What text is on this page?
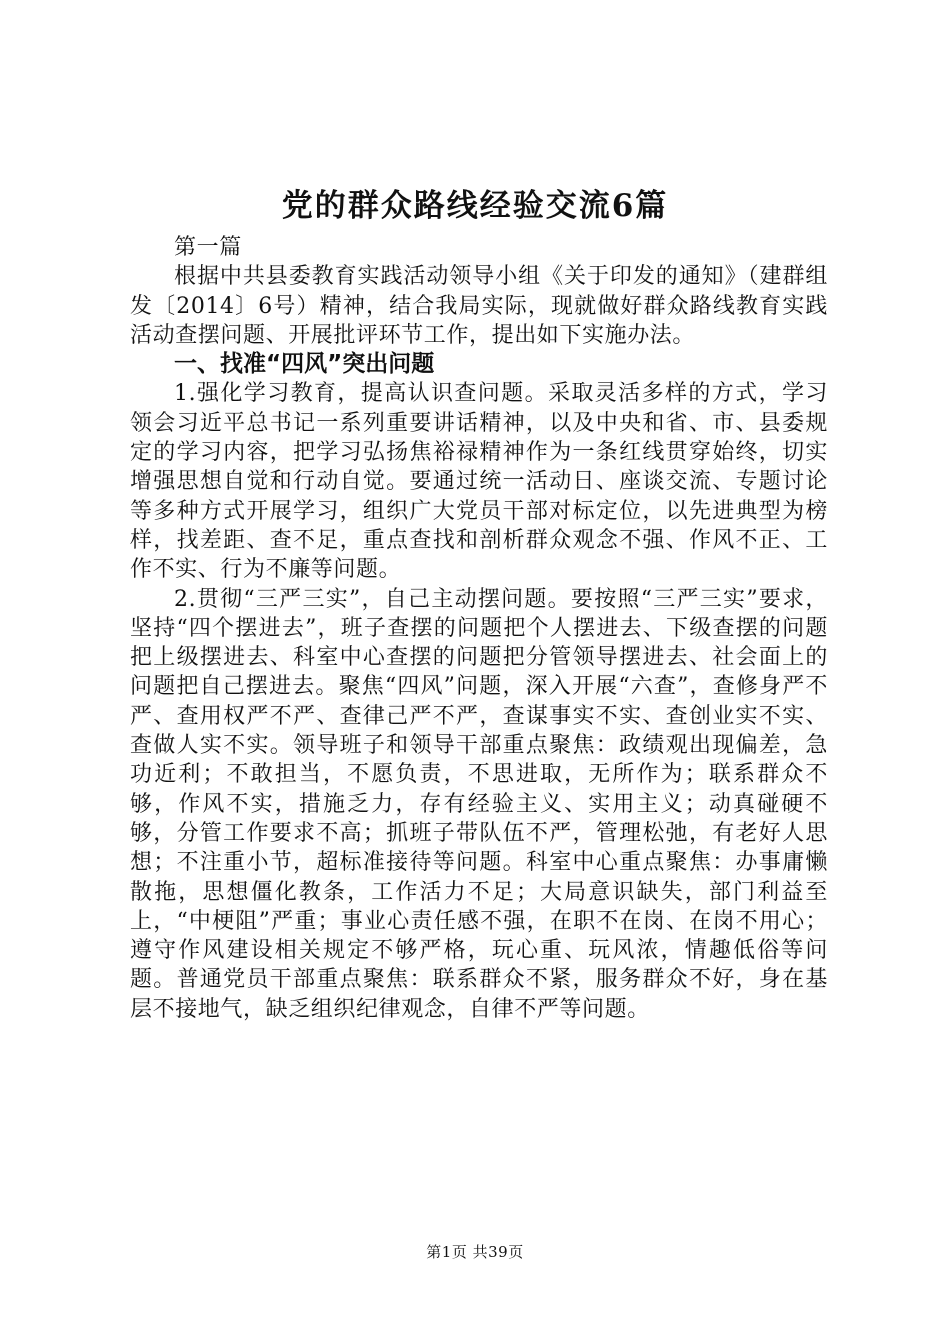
党的群众路线经验交流6篇

第一篇

根据中共县委教育实践活动领导小组《关于印发的通知》（建群组发〔2014〕6号）精神，结合我局实际，现就做好群众路线教育实践活动查摆问题、开展批评环节工作，提出如下实施办法。

一、找准“四风”突出问题

1.强化学习教育，提高认识查问题。采取灵活多样的方式，学习领会习近平总书记一系列重要讲话精神，以及中央和省、市、县委规定的学习内容，把学习弘扬焦裕禄精神作为一条红线贯穿始终，切实增强思想自觉和行动自觉。要通过统一活动日、座谈交流、专题讨论等多种方式开展学习，组织广大党员干部对标定位，以先进典型为榜样，找差距、查不足，重点查找和剖析群众观念不强、作风不正、工作不实、行为不廉等问题。

2.贯彻“三严三实”，自己主动摆问题。要按照“三严三实”要求，坚持“四个摆进去”，班子查摆的问题把个人摆进去、下级查摆的问题把上级摆进去、科室中心查摆的问题把分管领导摆进去、社会面上的问题把自己摆进去。聚焦“四风”问题，深入开展“六查”，查修身严不严、查用权严不严、查律己严不严，查谋事实不实、查创业实不实、查做人实不实。领导班子和领导干部重点聚焦：政绩观出现偏差，急功近利；不敢担当，不愿负责，不思进取，无所作为；联系群众不够，作风不实，措施乏力，存有经验主义、实用主义；动真碰硬不够，分管工作要求不高；抓班子带队伍不严，管理松弛，有老好人思想；不注重小节，超标准接待等问题。科室中心重点聚焦：办事庸懒散拖，思想僵化教条，工作活力不足；大局意识缺失，部门利益至上，“中梗阻”严重；事业心责任感不强，在职不在岗、在岗不用心；遵守作风建设相关规定不够严格，玩心重、玩风浓，情趣低俗等问题。普通党员干部重点聚焦：联系群众不紧，服务群众不好，身在基层不接地气，缺乏组织纪律观念，自律不严等问题。

第1页 共39页
